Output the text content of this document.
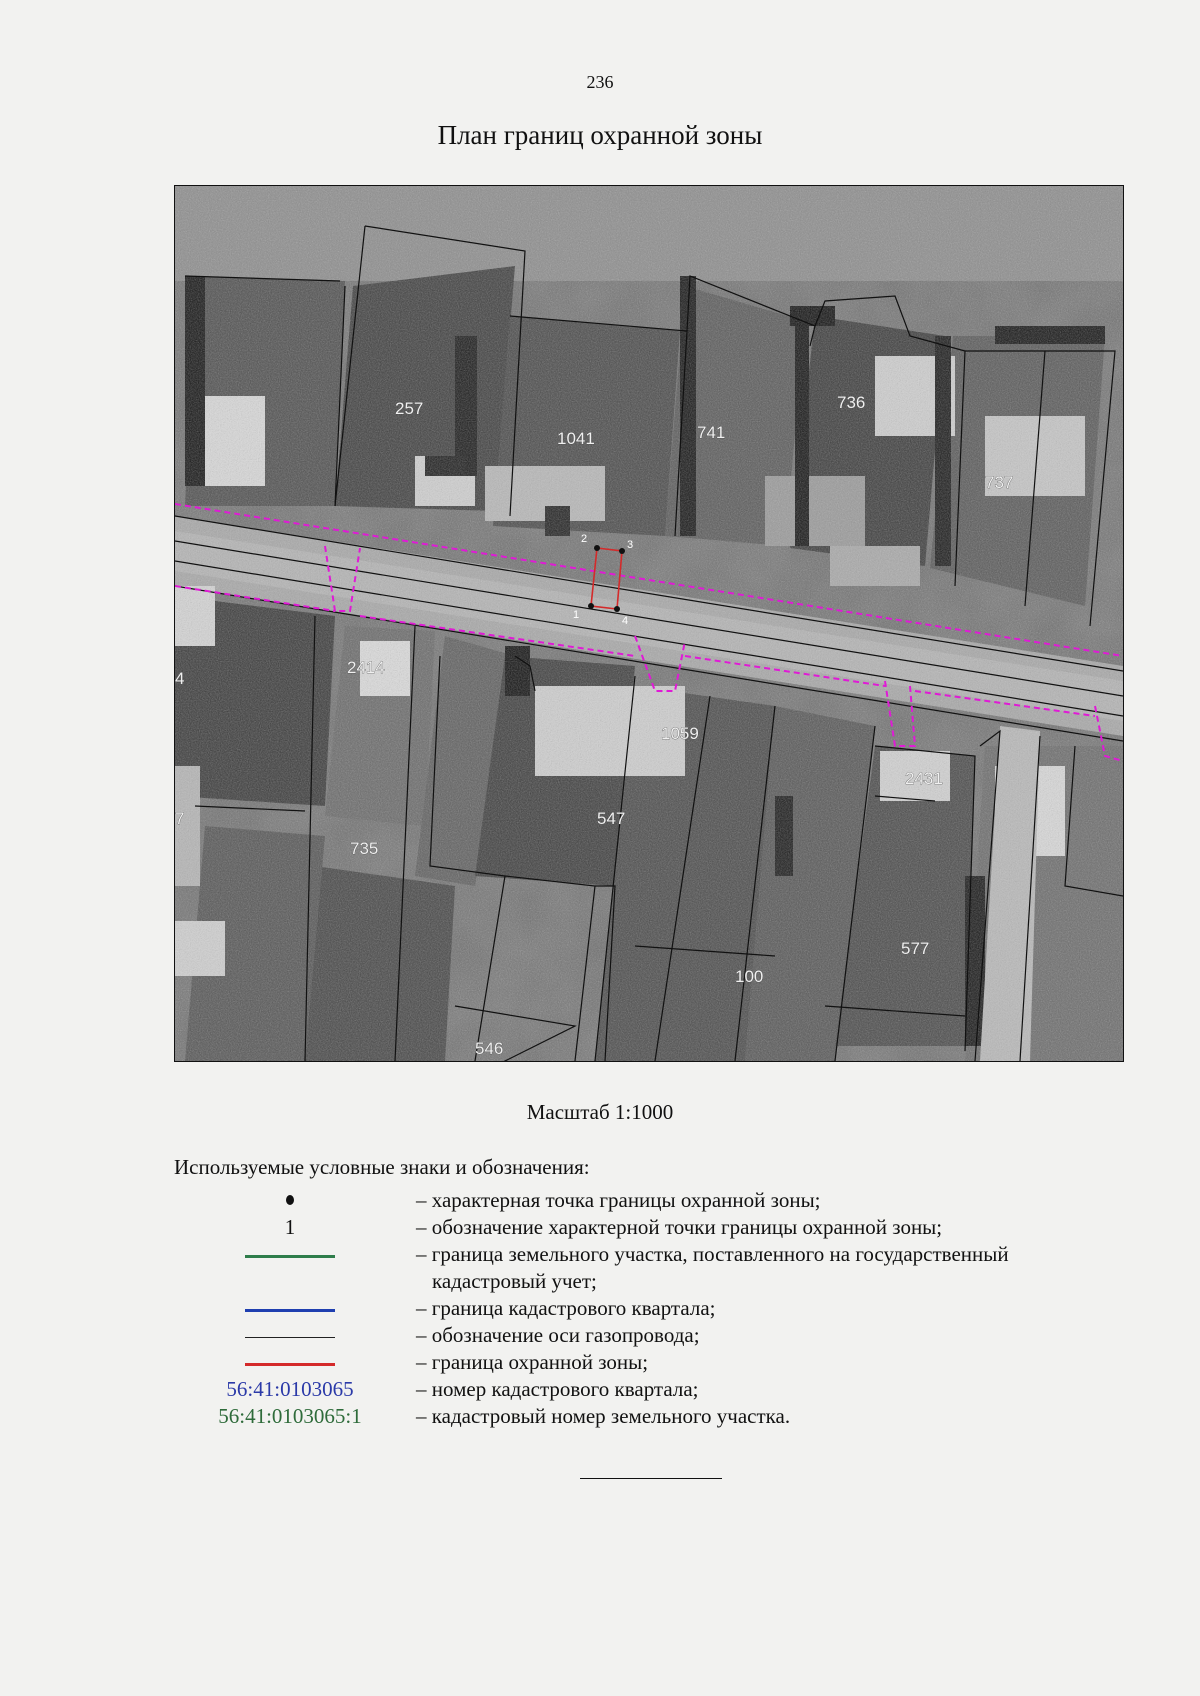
236
План границ охранной зоны
1
2	3
4
257
1041	741
736
737
2414
1059
2431
547
735
577
100
546
4
7
Масштаб 1:1000
Используемые условные знаки и обозначения:
– характерная точка границы охранной зоны;
1	– обозначение характерной точки границы охранной зоны;
– граница земельного участка, поставленного на государственный
кадастровый учет;
– граница кадастрового квартала;
– обозначение оси газопровода;
– граница охранной зоны;
56:41:0103065	– номер кадастрового квартала;
56:41:0103065:1	– кадастровый номер земельного участка.
